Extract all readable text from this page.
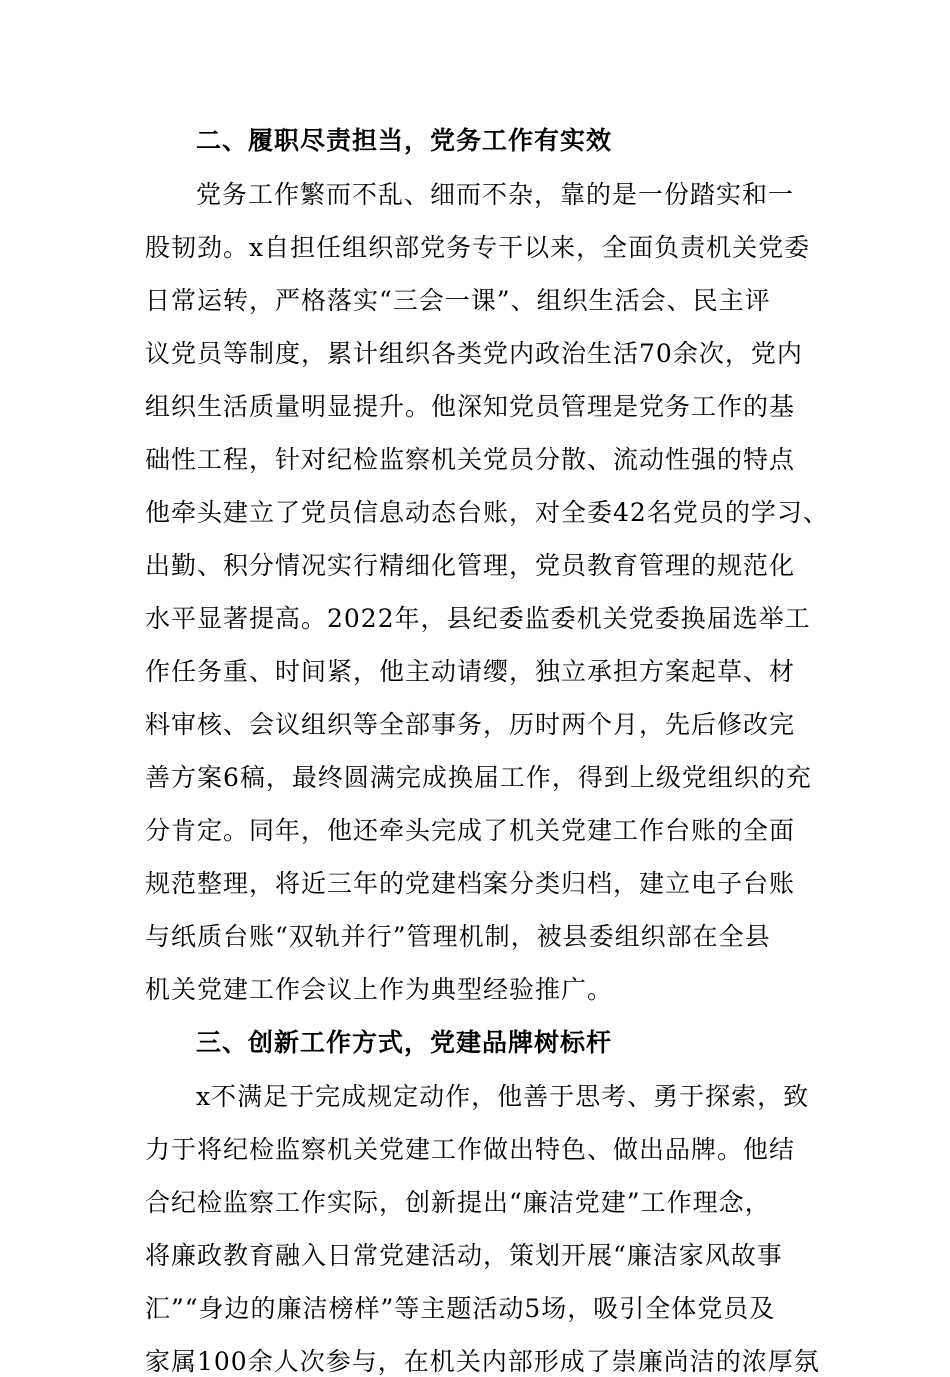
二、履职尽责担当，党务工作有实效

党务工作繁而不乱、细而不杂，靠的是一份踏实和一

股韧劲。x自担任组织部党务专干以来，全面负责机关党委

日常运转，严格落实“三会一课”、组织生活会、民主评

议党员等制度，累计组织各类党内政治生活70余次，党内

组织生活质量明显提升。他深知党员管理是党务工作的基

础性工程，针对纪检监察机关党员分散、流动性强的特点

他牵头建立了党员信息动态台账，对全委42名党员的学习、

出勤、积分情况实行精细化管理，党员教育管理的规范化

水平显著提高。2022年，县纪委监委机关党委换届选举工

作任务重、时间紧，他主动请缨，独立承担方案起草、材

料审核、会议组织等全部事务，历时两个月，先后修改完

善方案6稿，最终圆满完成换届工作，得到上级党组织的充

分肯定。同年，他还牵头完成了机关党建工作台账的全面

规范整理，将近三年的党建档案分类归档，建立电子台账

与纸质台账“双轨并行”管理机制，被县委组织部在全县

机关党建工作会议上作为典型经验推广。

三、创新工作方式，党建品牌树标杆

x不满足于完成规定动作，他善于思考、勇于探索，致

力于将纪检监察机关党建工作做出特色、做出品牌。他结

合纪检监察工作实际，创新提出“廉洁党建”工作理念，

将廉政教育融入日常党建活动，策划开展“廉洁家风故事

汇”“身边的廉洁榜样”等主题活动5场，吸引全体党员及

家属100余人次参与，在机关内部形成了崇廉尚洁的浓厚氛
